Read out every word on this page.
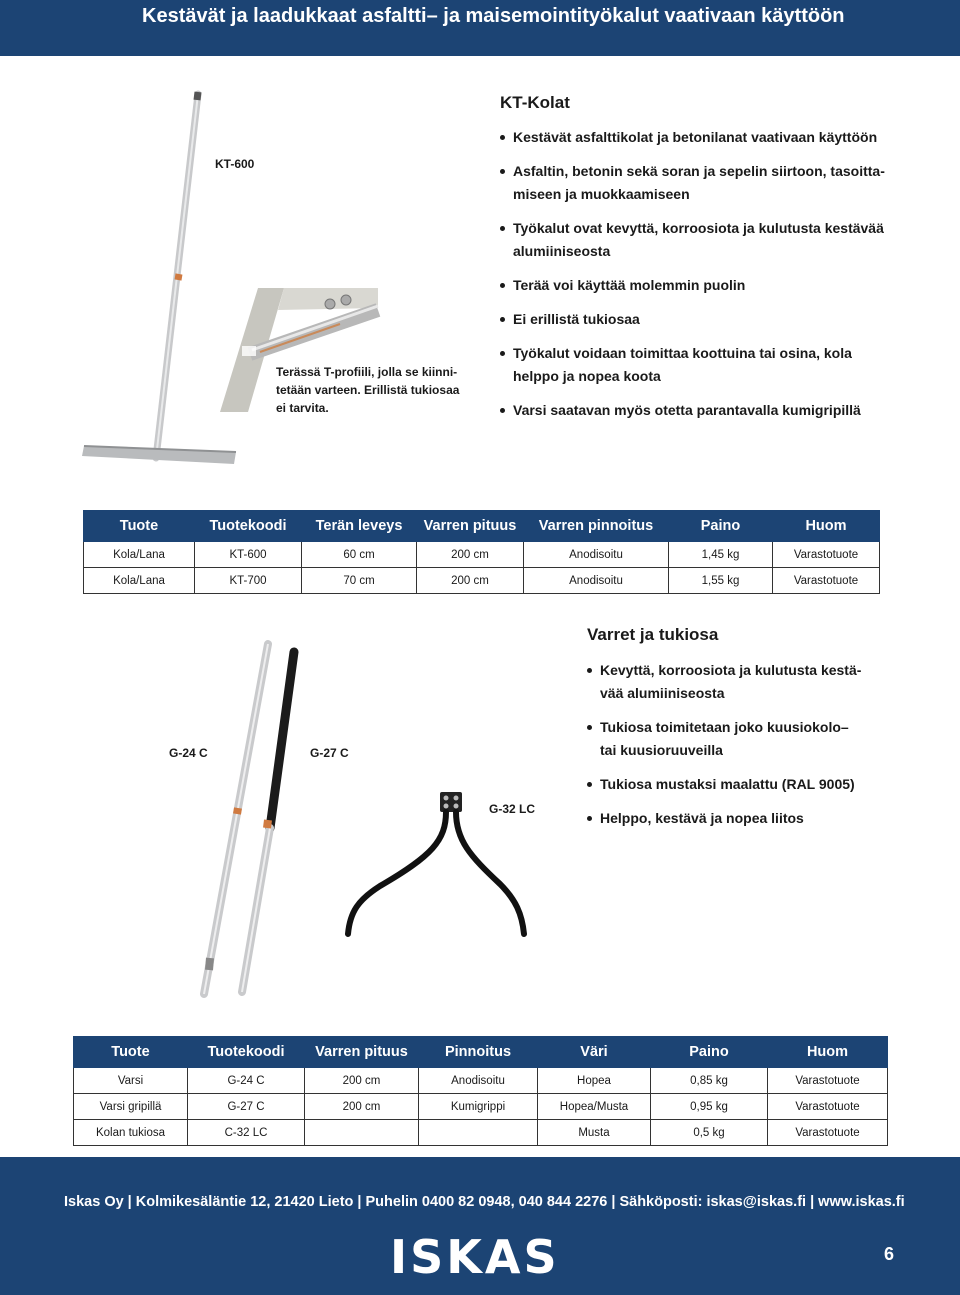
Kestävät ja laadukkaat asfaltti– ja maisemointityökalut vaativaan käyttöön
KT-600
Terässä T-profiili, jolla se kiinni-
tetään varteen. Erillistä tukiosaa
ei tarvita.
KT-Kolat
Kestävät asfalttikolat ja betonilanat vaativaan käyttöön
Asfaltin, betonin sekä soran ja sepelin siirtoon, tasoitta-
miseen ja muokkaamiseen
Työkalut ovat kevyttä, korroosiota ja kulutusta kestävää
alumiiniseosta
Terää voi käyttää molemmin puolin
Ei erillistä tukiosaa
Työkalut voidaan toimittaa koottuina tai osina, kola
helppo ja nopea koota
Varsi saatavan myös otetta parantavalla kumigripillä
Tuote	Tuotekoodi	Terän leveys	Varren pituus	Varren pinnoitus	Paino	Huom
Kola/Lana	KT-600	60 cm	200 cm	Anodisoitu	1,45 kg	Varastotuote
Kola/Lana	KT-700	70 cm	200 cm	Anodisoitu	1,55 kg	Varastotuote
G-24 C	G-27 C
G-32 LC
Varret ja tukiosa
Kevyttä, korroosiota ja kulutusta kestä-
vää alumiiniseosta
Tukiosa toimitetaan joko kuusiokolo–
tai kuusioruuveilla
Tukiosa mustaksi maalattu (RAL 9005)
Helppo, kestävä ja nopea liitos
Tuote	Tuotekoodi	Varren pituus	Pinnoitus	Väri	Paino	Huom
Varsi	G-24 C	200 cm	Anodisoitu	Hopea	0,85 kg	Varastotuote
Varsi gripillä	G-27 C	200 cm	Kumigrippi	Hopea/Musta	0,95 kg	Varastotuote
Kolan tukiosa	C-32 LC			Musta	0,5 kg	Varastotuote
Iskas Oy | Kolmikesäläntie 12, 21420 Lieto | Puhelin 0400 82 0948, 040 844 2276 | Sähköposti: iskas@iskas.fi | www.iskas.fi
ISKAS	6
